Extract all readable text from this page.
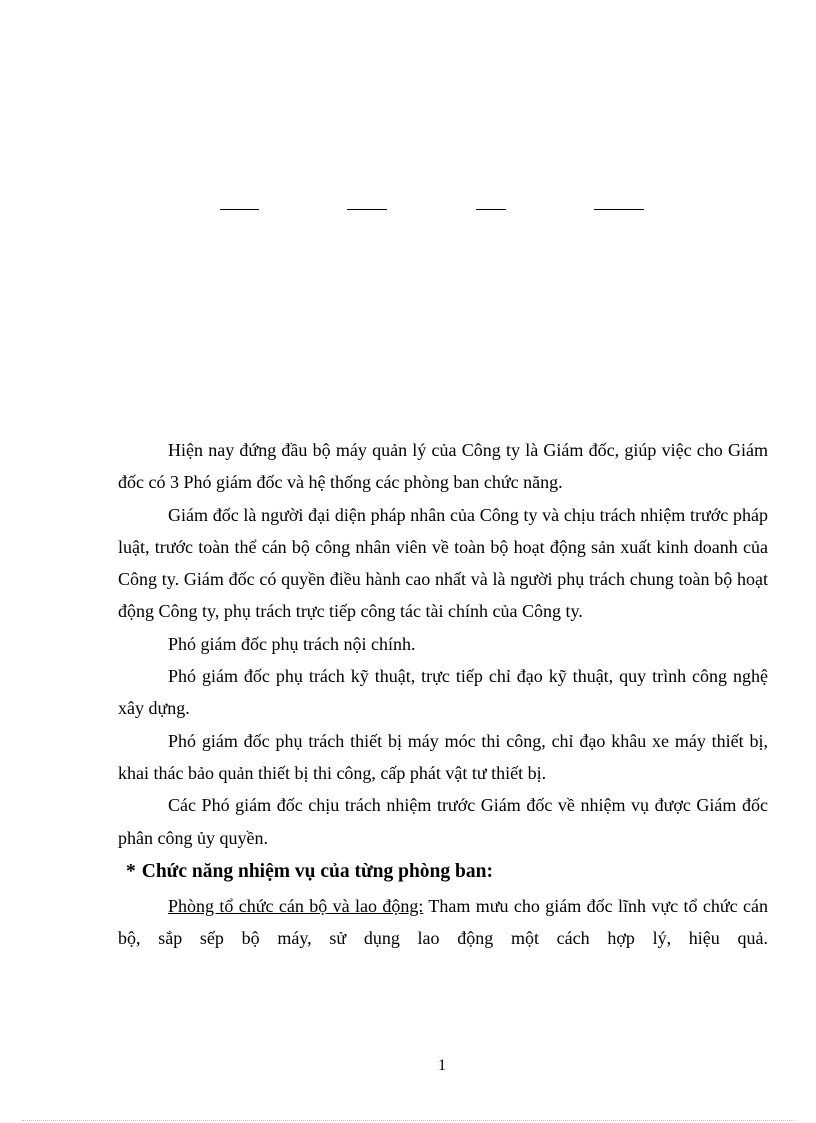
Hiện nay đứng đầu bộ máy quản lý của Công ty là Giám đốc, giúp việc cho Giám đốc có 3 Phó giám đốc và hệ thống các phòng ban chức năng.

Giám đốc là người đại diện pháp nhân của Công ty và chịu trách nhiệm trước pháp luật, trước toàn thể cán bộ công nhân viên về toàn bộ hoạt động sản xuất kinh doanh của Công ty. Giám đốc có quyền điều hành cao nhất và là người phụ trách chung toàn bộ hoạt động Công ty, phụ trách trực tiếp công tác tài chính của Công ty.

Phó giám đốc phụ trách nội chính.

Phó giám đốc phụ trách kỹ thuật, trực tiếp chỉ đạo kỹ thuật, quy trình công nghệ xây dựng.

Phó giám đốc phụ trách thiết bị máy móc thi công, chỉ đạo khâu xe máy thiết bị, khai thác bảo quản thiết bị thi công, cấp phát vật tư thiết bị.

Các Phó giám đốc chịu trách nhiệm trước Giám đốc về nhiệm vụ được Giám đốc phân công ủy quyền.

* Chức năng nhiệm vụ của từng phòng ban:

Phòng tổ chức cán bộ và lao động: Tham mưu cho giám đốc lĩnh vực tổ chức cán bộ, sắp sếp bộ máy, sử dụng lao động một cách hợp lý, hiệu quả.

1
